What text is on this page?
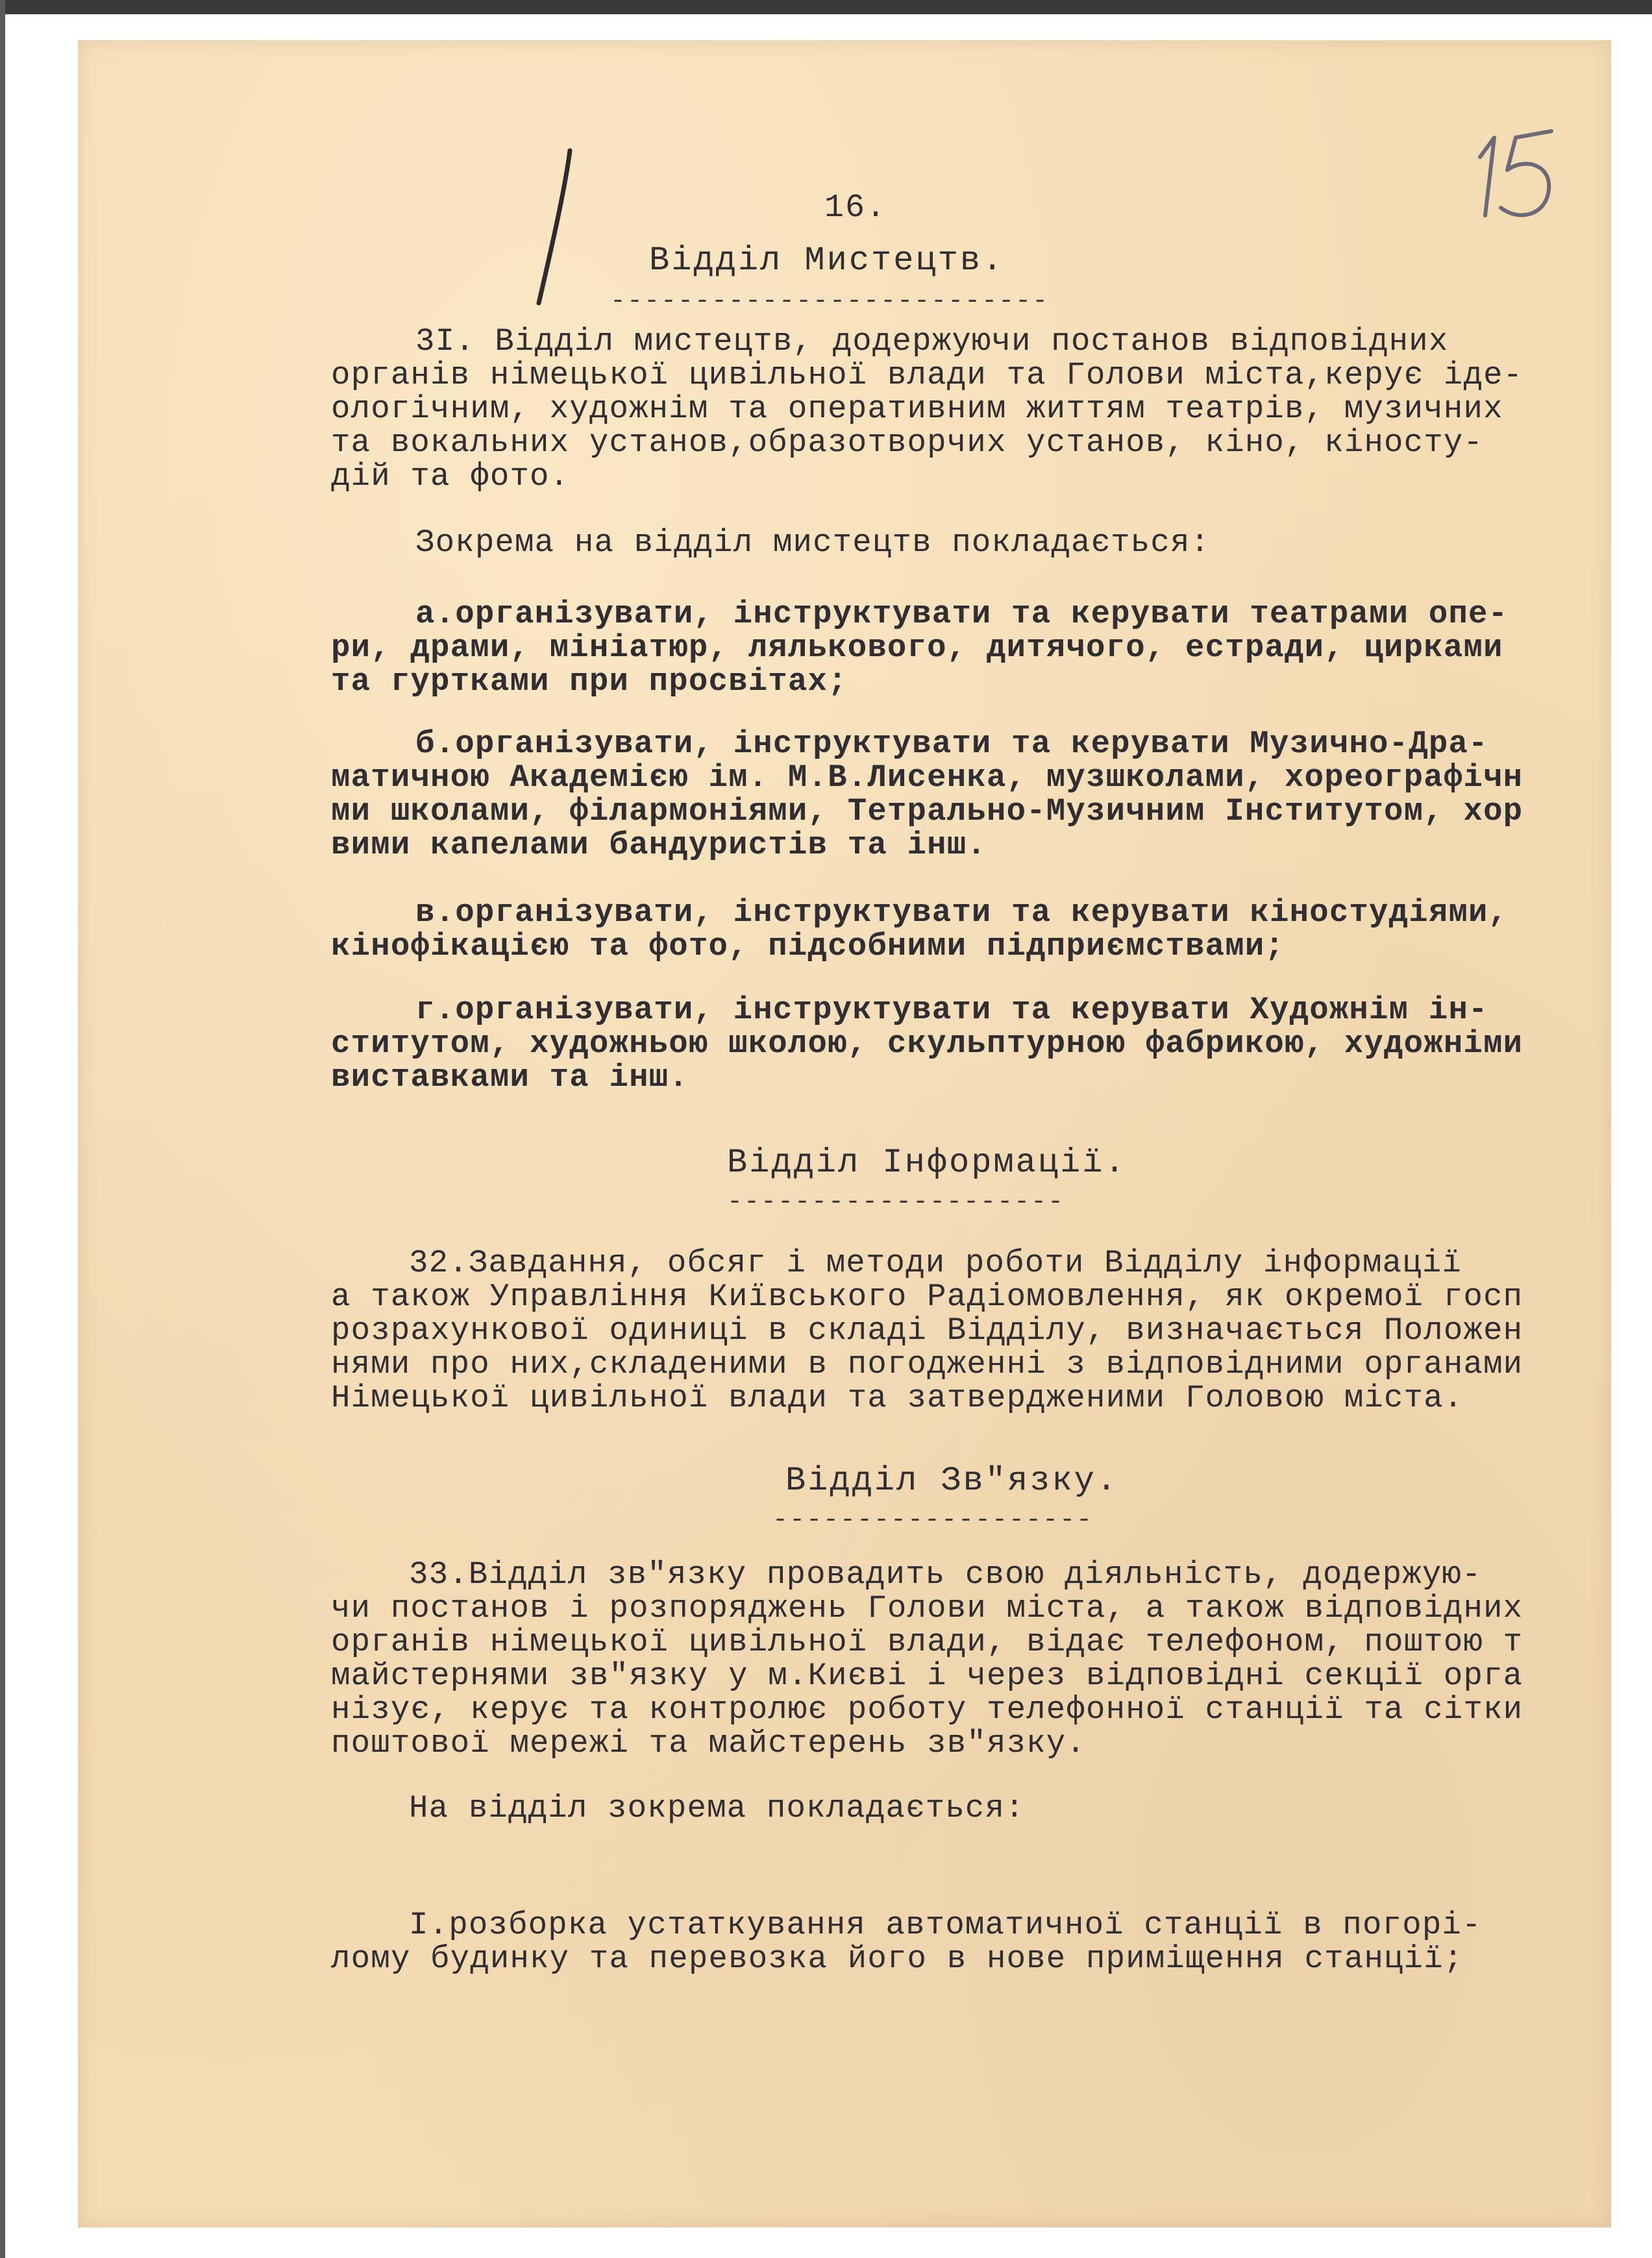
16.
Відділ Мистецтв.
--------------------------
3I. Відділ мистецтв, додержуючи постанов відповідних
органів німецької цивільної влади та Голови міста,керує іде-
ологічним, художнім та оперативним життям театрів, музичних
та вокальних установ,образотворчих установ, кіно, кіносту-
дій та фото.
Зокрема на відділ мистецтв покладається:
а.організувати, інструктувати та керувати театрами опе-
ри, драми, мініатюр, лялькового, дитячого, естради, цирками
та гуртками при просвітах;
б.організувати, інструктувати та керувати Музично-Дра-
матичною Академією ім. М.В.Лисенка, музшколами, хореографічн
ми школами, філармоніями, Тетрально-Музичним Інститутом, хор
вими капелами бандуристів та інш.
в.організувати, інструктувати та керувати кіностудіями,
кінофікацією та фото, підсобними підприємствами;
г.організувати, інструктувати та керувати Художнім ін-
ститутом, художньою школою, скульптурною фабрикою, художніми
виставками та інш.
Відділ Інформації.
--------------------
32.Завдання, обсяг і методи роботи Відділу інформації
а також Управління Київського Радіомовлення, як окремої госп
розрахункової одиниці в складі Відділу, визначається Положен
нями про них,складеними в погодженні з відповідними органами
Німецької цивільної влади та затвердженими Головою міста.
Відділ Зв"язку.
-------------------
33.Відділ зв"язку провадить свою діяльність, додержую-
чи постанов і розпоряджень Голови міста, а також відповідних
органів німецької цивільної влади, відає телефоном, поштою т
майстернями зв"язку у м.Києві і через відповідні секції орга
нізує, керує та контролює роботу телефонної станції та сітки
поштової мережі та майстерень зв"язку.
На відділ зокрема покладається:
I.розборка устаткування автоматичної станції в погорі-
лому будинку та перевозка його в нове приміщення станції;
